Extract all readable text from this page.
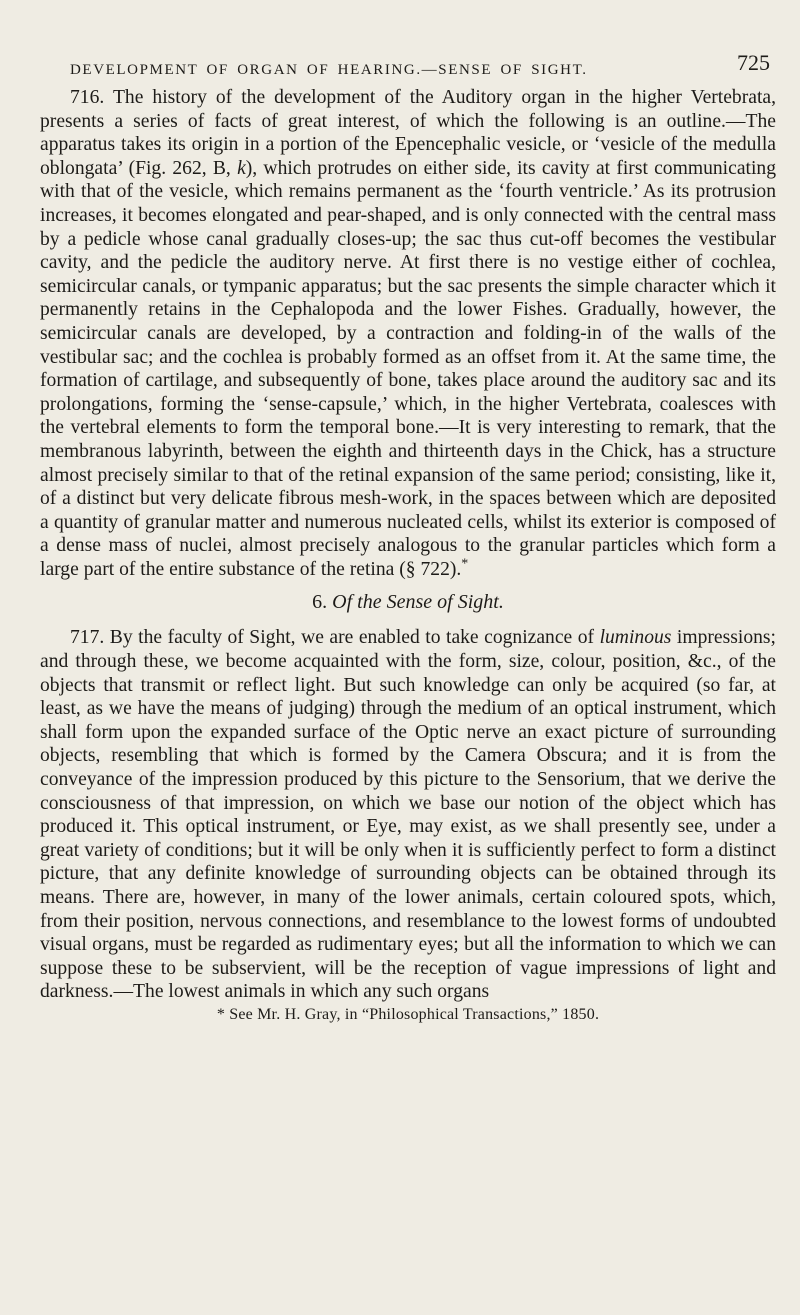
DEVELOPMENT OF ORGAN OF HEARING.—SENSE OF SIGHT.	725

716. The history of the development of the Auditory organ in the higher Vertebrata, presents a series of facts of great interest, of which the following is an outline.—The apparatus takes its origin in a portion of the Epencephalic vesicle, or ‘vesicle of the medulla oblongata’ (Fig. 262, B, k), which protrudes on either side, its cavity at first communicating with that of the vesicle, which remains permanent as the ‘fourth ventricle.’ As its protrusion increases, it becomes elongated and pear-shaped, and is only connected with the central mass by a pedicle whose canal gradually closes-up; the sac thus cut-off becomes the vestibular cavity, and the pedicle the auditory nerve. At first there is no vestige either of cochlea, semicircular canals, or tympanic apparatus; but the sac presents the simple character which it permanently retains in the Cephalopoda and the lower Fishes. Gradually, however, the semicircular canals are developed, by a contraction and folding-in of the walls of the vestibular sac; and the cochlea is probably formed as an offset from it. At the same time, the formation of cartilage, and subsequently of bone, takes place around the auditory sac and its prolongations, forming the ‘sense-capsule,’ which, in the higher Vertebrata, coalesces with the vertebral elements to form the temporal bone.—It is very interesting to remark, that the membranous labyrinth, between the eighth and thirteenth days in the Chick, has a structure almost precisely similar to that of the retinal expansion of the same period; consisting, like it, of a distinct but very delicate fibrous mesh-work, in the spaces between which are deposited a quantity of granular matter and numerous nucleated cells, whilst its exterior is composed of a dense mass of nuclei, almost precisely analogous to the granular particles which form a large part of the entire substance of the retina (§ 722).*

6. Of the Sense of Sight.

717. By the faculty of Sight, we are enabled to take cognizance of luminous impressions; and through these, we become acquainted with the form, size, colour, position, &c., of the objects that transmit or reflect light. But such knowledge can only be acquired (so far, at least, as we have the means of judging) through the medium of an optical instrument, which shall form upon the expanded surface of the Optic nerve an exact picture of surrounding objects, resembling that which is formed by the Camera Obscura; and it is from the conveyance of the impression produced by this picture to the Sensorium, that we derive the consciousness of that impression, on which we base our notion of the object which has produced it. This optical instrument, or Eye, may exist, as we shall presently see, under a great variety of conditions; but it will be only when it is sufficiently perfect to form a distinct picture, that any definite knowledge of surrounding objects can be obtained through its means. There are, however, in many of the lower animals, certain coloured spots, which, from their position, nervous connections, and resemblance to the lowest forms of undoubted visual organs, must be regarded as rudimentary eyes; but all the information to which we can suppose these to be subservient, will be the reception of vague impressions of light and darkness.—The lowest animals in which any such organs

* See Mr. H. Gray, in “Philosophical Transactions,” 1850.
